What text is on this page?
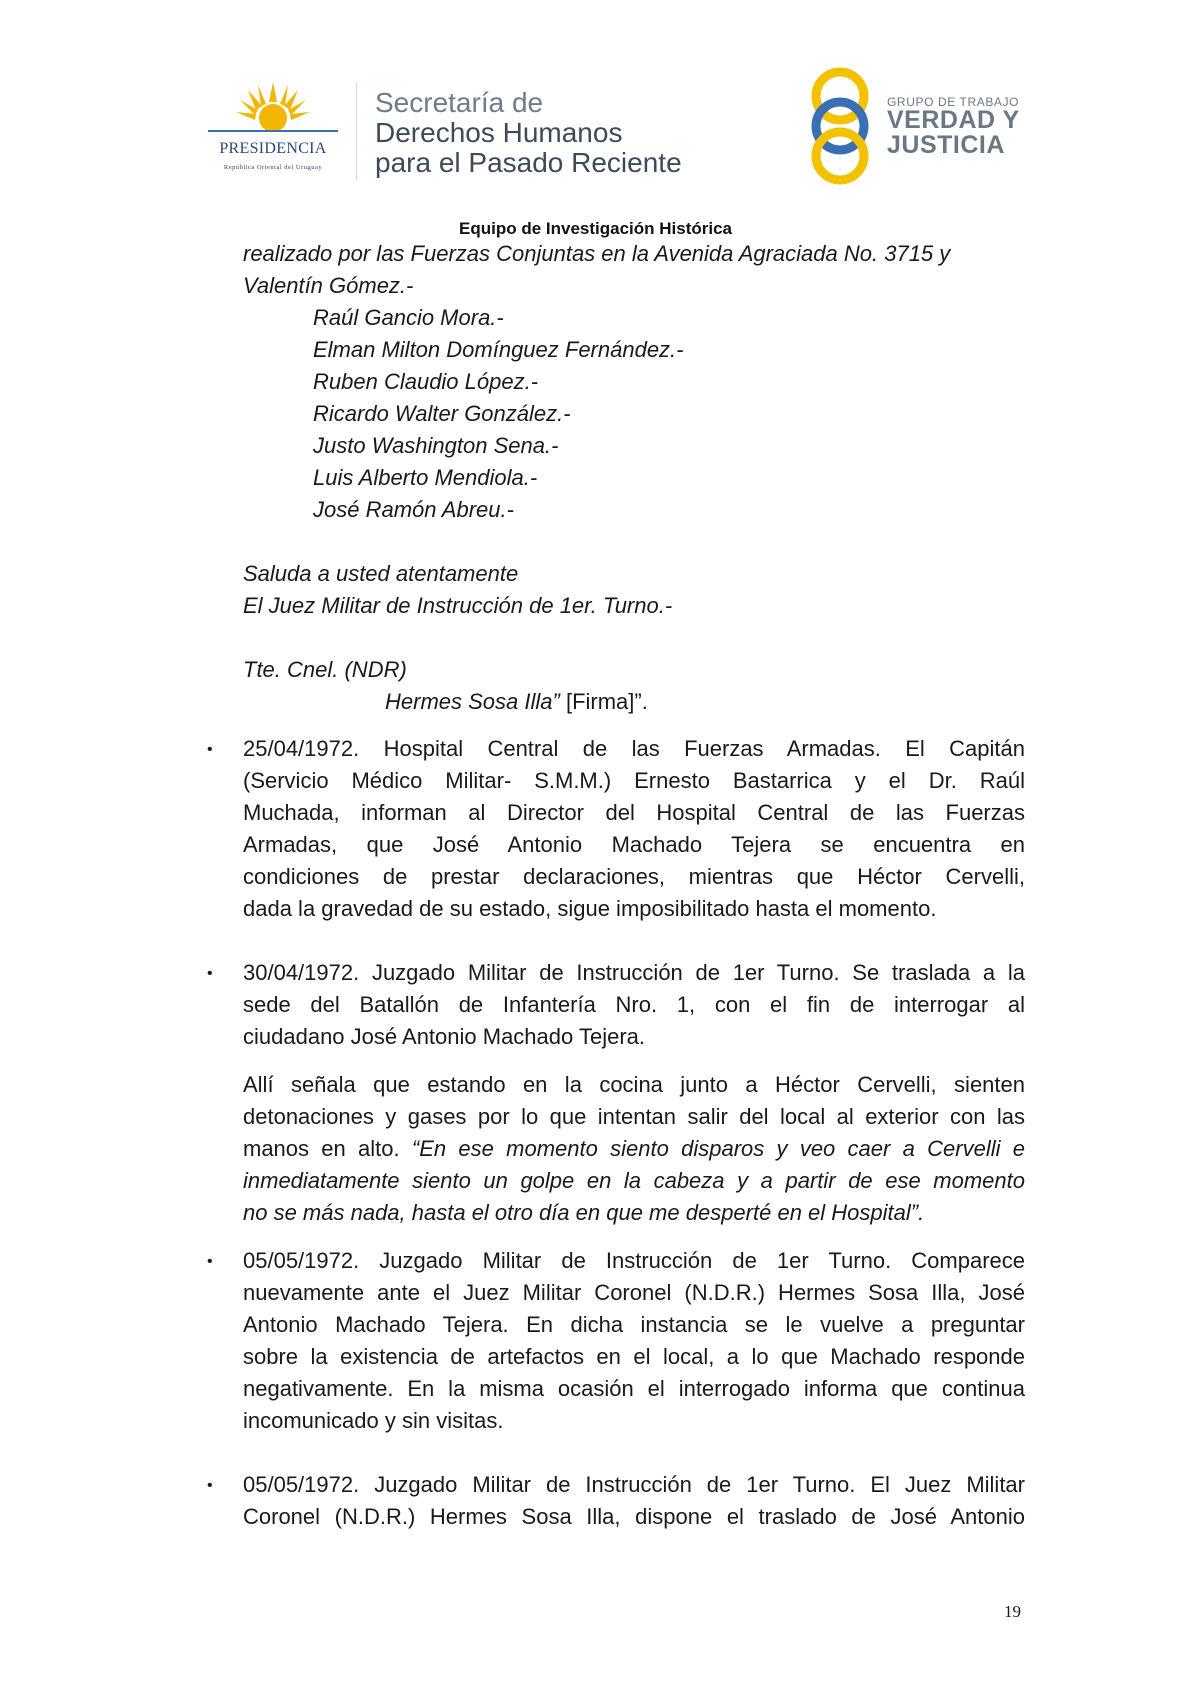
PRESIDENCIA
República Oriental del Uruguay
Secretaría de
Derechos Humanos
para el Pasado Reciente
GRUPO DE TRABAJO
VERDAD Y
JUSTICIA
Equipo de Investigación Histórica
realizado por las Fuerzas Conjuntas en la Avenida Agraciada No. 3715 y
Valentín Gómez.-
Raúl Gancio Mora.-
Elman Milton Domínguez Fernández.-
Ruben Claudio López.-
Ricardo Walter González.-
Justo Washington Sena.-
Luis Alberto Mendiola.-
José Ramón Abreu.-
Saluda a usted atentamente
El Juez Militar de Instrucción de 1er. Turno.-
Tte. Cnel. (NDR)
Hermes Sosa Illa” [Firma]”.
• 25/04/1972. Hospital Central de las Fuerzas Armadas. El Capitán
(Servicio Médico Militar- S.M.M.) Ernesto Bastarrica y el Dr. Raúl
Muchada, informan al Director del Hospital Central de las Fuerzas
Armadas, que José Antonio Machado Tejera se encuentra en
condiciones de prestar declaraciones, mientras que Héctor Cervelli,
dada la gravedad de su estado, sigue imposibilitado hasta el momento.
• 30/04/1972. Juzgado Militar de Instrucción de 1er Turno. Se traslada a la
sede del Batallón de Infantería Nro. 1, con el fin de interrogar al
ciudadano José Antonio Machado Tejera.
Allí señala que estando en la cocina junto a Héctor Cervelli, sienten
detonaciones y gases por lo que intentan salir del local al exterior con las
manos en alto. “En ese momento siento disparos y veo caer a Cervelli e
inmediatamente siento un golpe en la cabeza y a partir de ese momento
no se más nada, hasta el otro día en que me desperté en el Hospital”.
• 05/05/1972. Juzgado Militar de Instrucción de 1er Turno. Comparece
nuevamente ante el Juez Militar Coronel (N.D.R.) Hermes Sosa Illa, José
Antonio Machado Tejera. En dicha instancia se le vuelve a preguntar
sobre la existencia de artefactos en el local, a lo que Machado responde
negativamente. En la misma ocasión el interrogado informa que continua
incomunicado y sin visitas.
• 05/05/1972. Juzgado Militar de Instrucción de 1er Turno. El Juez Militar
Coronel (N.D.R.) Hermes Sosa Illa, dispone el traslado de José Antonio
19
